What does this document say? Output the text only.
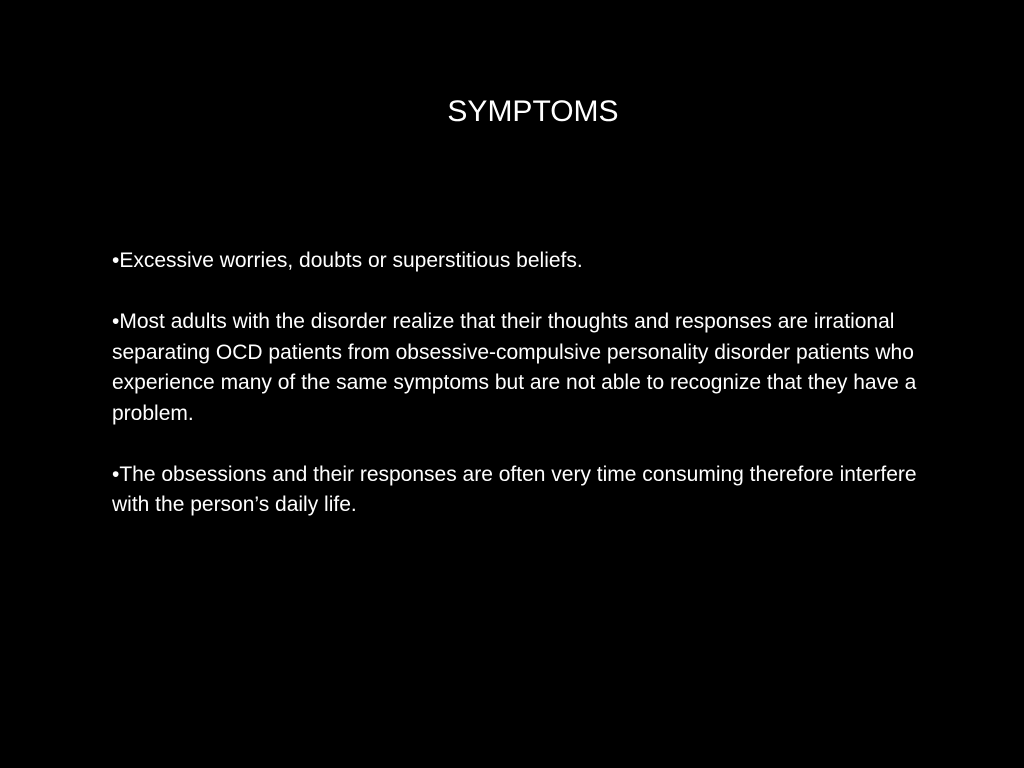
SYMPTOMS
•Excessive worries, doubts or superstitious beliefs.
•Most adults with the disorder realize that their thoughts and responses are irrational separating OCD patients from obsessive-compulsive personality disorder patients who experience many of the same symptoms but are not able to recognize that they have a problem.
•The obsessions and their responses are often very time consuming therefore interfere with the person’s daily life.
